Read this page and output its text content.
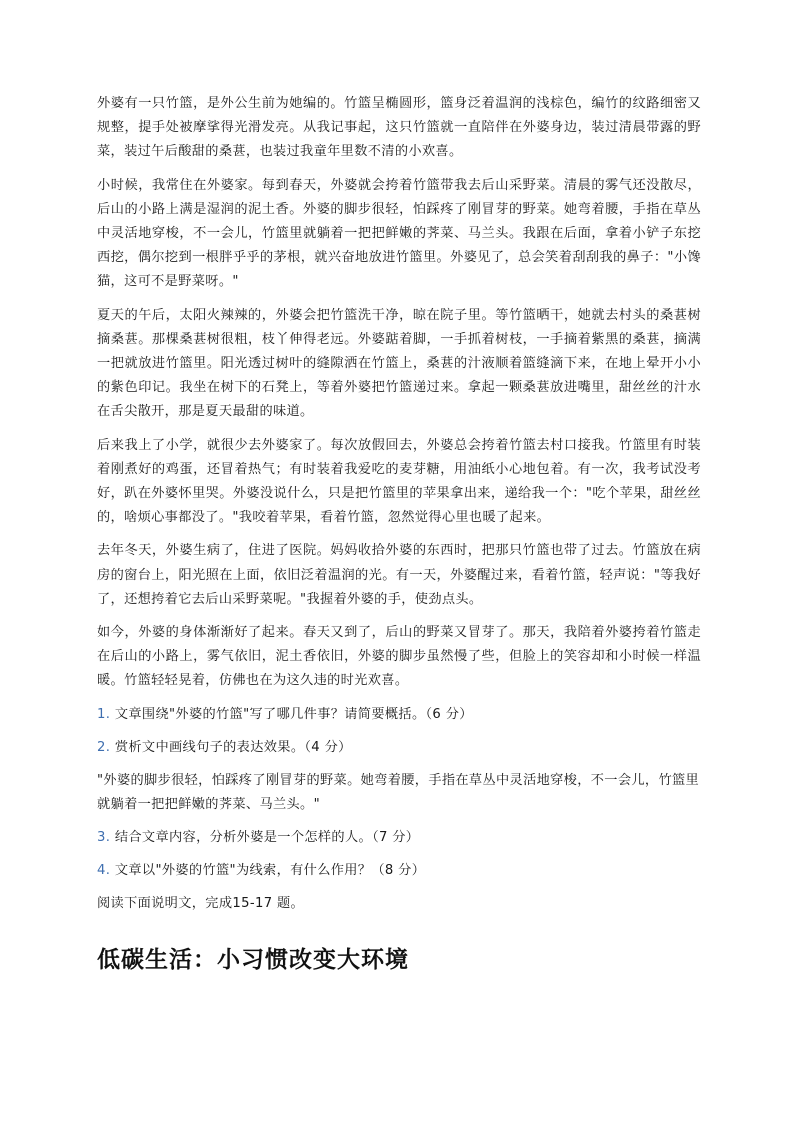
外婆有一只竹篮，是外公生前为她编的。竹篮呈椭圆形，篮身泛着温润的浅棕色，编竹的纹路细密又规整，提手处被摩挲得光滑发亮。从我记事起，这只竹篮就一直陪伴在外婆身边，装过清晨带露的野菜，装过午后酸甜的桑葚，也装过我童年里数不清的小欢喜。

小时候，我常住在外婆家。每到春天，外婆就会挎着竹篮带我去后山采野菜。清晨的雾气还没散尽，后山的小路上满是湿润的泥土香。外婆的脚步很轻，怕踩疼了刚冒芽的野菜。她弯着腰，手指在草丛中灵活地穿梭，不一会儿，竹篮里就躺着一把把鲜嫩的荠菜、马兰头。我跟在后面，拿着小铲子东挖西挖，偶尔挖到一根胖乎乎的茅根，就兴奋地放进竹篮里。外婆见了，总会笑着刮刮我的鼻子："小馋猫，这可不是野菜呀。"

夏天的午后，太阳火辣辣的，外婆会把竹篮洗干净，晾在院子里。等竹篮晒干，她就去村头的桑葚树摘桑葚。那棵桑葚树很粗，枝丫伸得老远。外婆踮着脚，一手抓着树枝，一手摘着紫黑的桑葚，摘满一把就放进竹篮里。阳光透过树叶的缝隙洒在竹篮上，桑葚的汁液顺着篮缝滴下来，在地上晕开小小的紫色印记。我坐在树下的石凳上，等着外婆把竹篮递过来。拿起一颗桑葚放进嘴里，甜丝丝的汁水在舌尖散开，那是夏天最甜的味道。

后来我上了小学，就很少去外婆家了。每次放假回去，外婆总会挎着竹篮去村口接我。竹篮里有时装着刚煮好的鸡蛋，还冒着热气；有时装着我爱吃的麦芽糖，用油纸小心地包着。有一次，我考试没考好，趴在外婆怀里哭。外婆没说什么，只是把竹篮里的苹果拿出来，递给我一个："吃个苹果，甜丝丝的，啥烦心事都没了。"我咬着苹果，看着竹篮，忽然觉得心里也暖了起来。

去年冬天，外婆生病了，住进了医院。妈妈收拾外婆的东西时，把那只竹篮也带了过去。竹篮放在病房的窗台上，阳光照在上面，依旧泛着温润的光。有一天，外婆醒过来，看着竹篮，轻声说："等我好了，还想挎着它去后山采野菜呢。"我握着外婆的手，使劲点头。

如今，外婆的身体渐渐好了起来。春天又到了，后山的野菜又冒芽了。那天，我陪着外婆挎着竹篮走在后山的小路上，雾气依旧，泥土香依旧，外婆的脚步虽然慢了些，但脸上的笑容却和小时候一样温暖。竹篮轻轻晃着，仿佛也在为这久违的时光欢喜。

1. 文章围绕"外婆的竹篮"写了哪几件事？请简要概括。（6 分）

2. 赏析文中画线句子的表达效果。（4 分）

"外婆的脚步很轻，怕踩疼了刚冒芽的野菜。她弯着腰，手指在草丛中灵活地穿梭，不一会儿，竹篮里就躺着一把把鲜嫩的荠菜、马兰头。"

3. 结合文章内容，分析外婆是一个怎样的人。（7 分）

4. 文章以"外婆的竹篮"为线索，有什么作用？（8 分）

阅读下面说明文，完成15-17 题。

低碳生活：小习惯改变大环境
